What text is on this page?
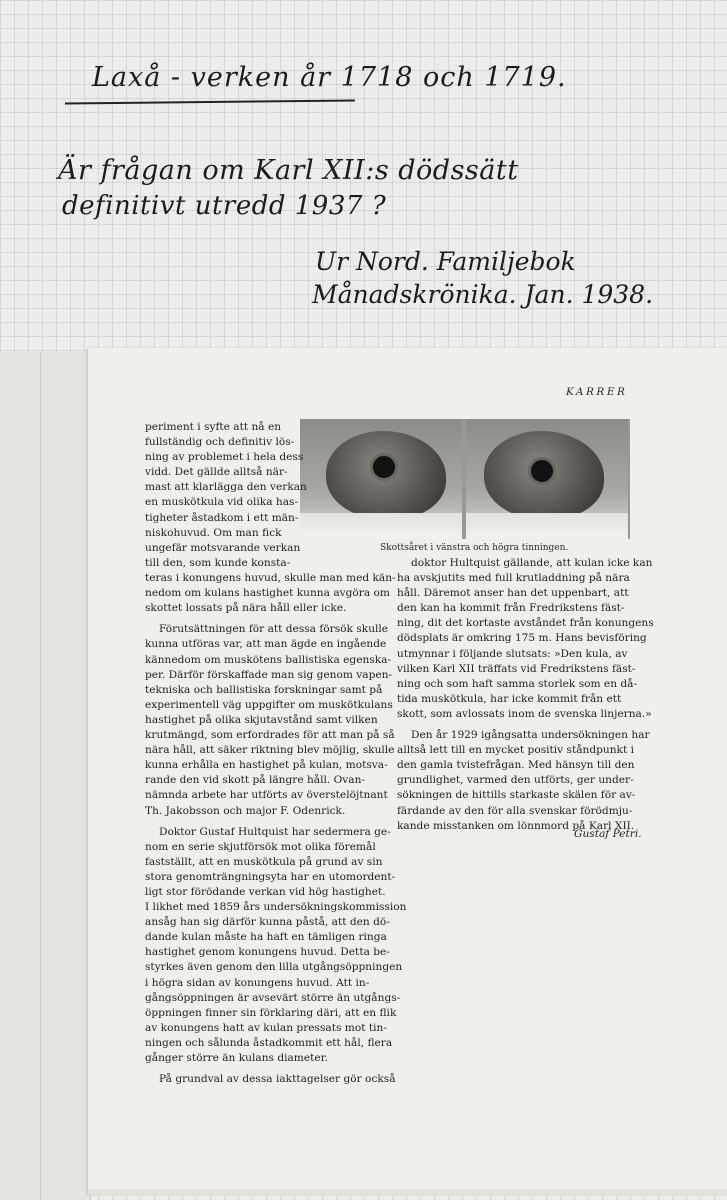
Laxå - verken år 1718 och 1719.
Är frågan om Karl XII:s dödssätt
definitivt utredd 1937 ?
Ur Nord. Familjebok
Månadskrönika. Jan. 1938.
KARRER
Skottsåret i vänstra och högra tinningen.
periment i syfte att nå en
fullständig och definitiv lös-
ning av problemet i hela dess
vidd. Det gällde alltså när-
mast att klarlägga den verkan
en muskötkula vid olika has-
tigheter åstadkom i ett män-
niskohuvud. Om man fick
ungefär motsvarande verkan
till den, som kunde konsta-
teras i konungens huvud, skulle man med kän-
nedom om kulans hastighet kunna avgöra om
skottet lossats på nära håll eller icke.
Förutsättningen för att dessa försök skulle
kunna utföras var, att man ägde en ingående
kännedom om muskötens ballistiska egenska-
per. Därför förskaffade man sig genom vapen-
tekniska och ballistiska forskningar samt på
experimentell väg uppgifter om muskötkulans
hastighet på olika skjutavstånd samt vilken
krutmängd, som erfordrades för att man på så
nära håll, att säker riktning blev möjlig, skulle
kunna erhålla en hastighet på kulan, motsva-
rande den vid skott på längre håll. Ovan-
nämnda arbete har utförts av överstelöjtnant
Th. Jakobsson och major F. Odenrick.
Doktor Gustaf Hultquist har sedermera ge-
nom en serie skjutförsök mot olika föremål
fastställt, att en muskötkula på grund av sin
stora genomträngningsyta har en utomordent-
ligt stor förödande verkan vid hög hastighet.
I likhet med 1859 års undersökningskommission
ansåg han sig därför kunna påstå, att den dö-
dande kulan måste ha haft en tämligen ringa
hastighet genom konungens huvud. Detta be-
styrkes även genom den lilla utgångsöppningen
i högra sidan av konungens huvud. Att in-
gångsöppningen är avsevärt större än utgångs-
öppningen finner sin förklaring däri, att en flik
av konungens hatt av kulan pressats mot tin-
ningen och sålunda åstadkommit ett hål, flera
gånger större än kulans diameter.
På grundval av dessa iakttagelser gör också
doktor Hultquist gällande, att kulan icke kan
ha avskjutits med full krutladdning på nära
håll. Däremot anser han det uppenbart, att
den kan ha kommit från Fredrikstens fäst-
ning, dit det kortaste avståndet från konungens
dödsplats är omkring 175 m. Hans bevisföring
utmynnar i följande slutsats: »Den kula, av
vilken Karl XII träffats vid Fredrikstens fäst-
ning och som haft samma storlek som en då-
tida muskötkula, har icke kommit från ett
skott, som avlossats inom de svenska linjerna.»
Den år 1929 igångsatta undersökningen har
alltså lett till en mycket positiv ståndpunkt i
den gamla tvistefrågan. Med hänsyn till den
grundlighet, varmed den utförts, ger under-
sökningen de hittills starkaste skälen för av-
färdande av den för alla svenskar förödmju-
kande misstanken om lönnmord på Karl XII.
Gustaf Petri.
